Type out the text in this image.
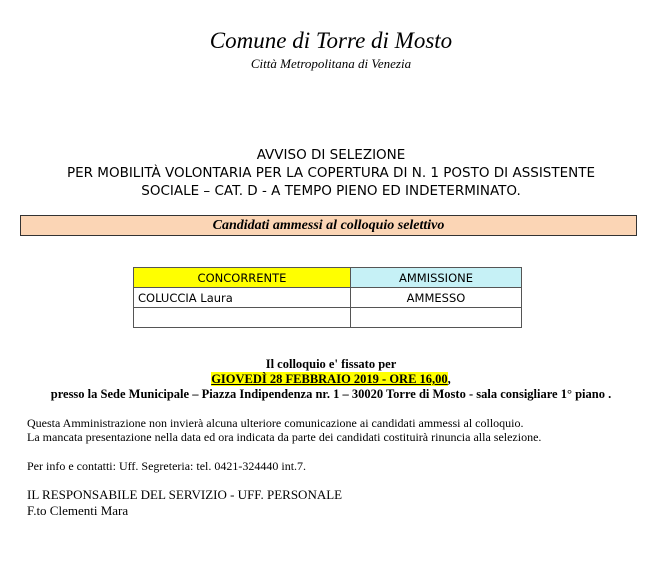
Comune di Torre di Mosto
Città Metropolitana di Venezia
AVVISO DI SELEZIONE
PER MOBILITÀ VOLONTARIA PER LA COPERTURA DI N. 1 POSTO DI ASSISTENTE
SOCIALE – CAT. D - A TEMPO PIENO ED INDETERMINATO.
Candidati ammessi al colloquio selettivo
CONCORRENTE	AMMISSIONE
COLUCCIA Laura	AMMESSO

Il colloquio e' fissato per
GIOVEDÌ 28 FEBBRAIO 2019 - ORE 16,00,
presso la Sede Municipale – Piazza Indipendenza nr. 1 – 30020 Torre di Mosto - sala consigliare 1° piano .
Questa Amministrazione non invierà alcuna ulteriore comunicazione ai candidati ammessi al colloquio.
La mancata presentazione nella data ed ora indicata da parte dei candidati costituirà rinuncia alla selezione.
Per info e contatti: Uff. Segreteria: tel. 0421-324440 int.7.
IL RESPONSABILE DEL SERVIZIO - UFF. PERSONALE
F.to Clementi Mara
